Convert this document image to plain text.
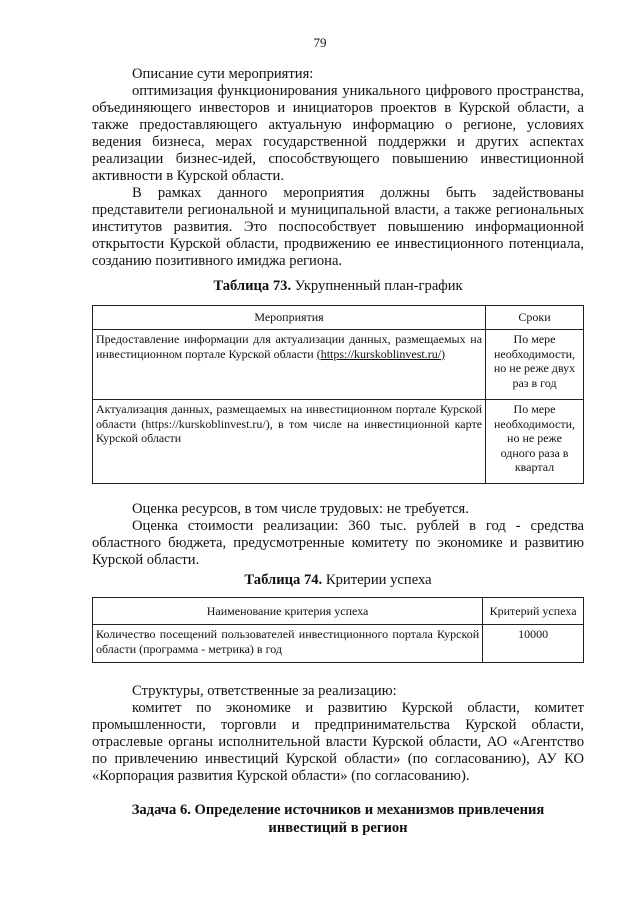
79

Описание сути мероприятия:

оптимизация функционирования уникального цифрового пространства, объединяющего инвесторов и инициаторов проектов в Курской области, а также предоставляющего актуальную информацию о регионе, условиях ведения бизнеса, мерах государственной поддержки и других аспектах реализации бизнес-идей, способствующего повышению инвестиционной активности в Курской области.

В рамках данного мероприятия должны быть задействованы представители региональной и муниципальной власти, а также региональных институтов развития. Это поспособствует повышению информационной открытости Курской области, продвижению ее инвестиционного потенциала, созданию позитивного имиджа региона.

Таблица 73. Укрупненный план-график

Мероприятия	Сроки
Предоставление информации для актуализации данных, размещаемых на инвестиционном портале Курской области (https://kurskoblinvest.ru/)	По мере необходимости, но не реже двух раз в год
Актуализация данных, размещаемых на инвестиционном портале Курской области (https://kurskoblinvest.ru/), в том числе на инвестиционной карте Курской области	По мере необходимости, но не реже одного раза в квартал

Оценка ресурсов, в том числе трудовых: не требуется.

Оценка стоимости реализации: 360 тыс. рублей в год - средства областного бюджета, предусмотренные комитету по экономике и развитию Курской области.

Таблица 74. Критерии успеха

Наименование критерия успеха	Критерий успеха
Количество посещений пользователей инвестиционного портала Курской области (программа - метрика) в год	10000

Структуры, ответственные за реализацию:

комитет по экономике и развитию Курской области, комитет промышленности, торговли и предпринимательства Курской области, отраслевые органы исполнительной власти Курской области, АО «Агентство по привлечению инвестиций Курской области» (по согласованию), АУ КО «Корпорация развития Курской области» (по согласованию).

Задача 6. Определение источников и механизмов привлечения

инвестиций в регион
